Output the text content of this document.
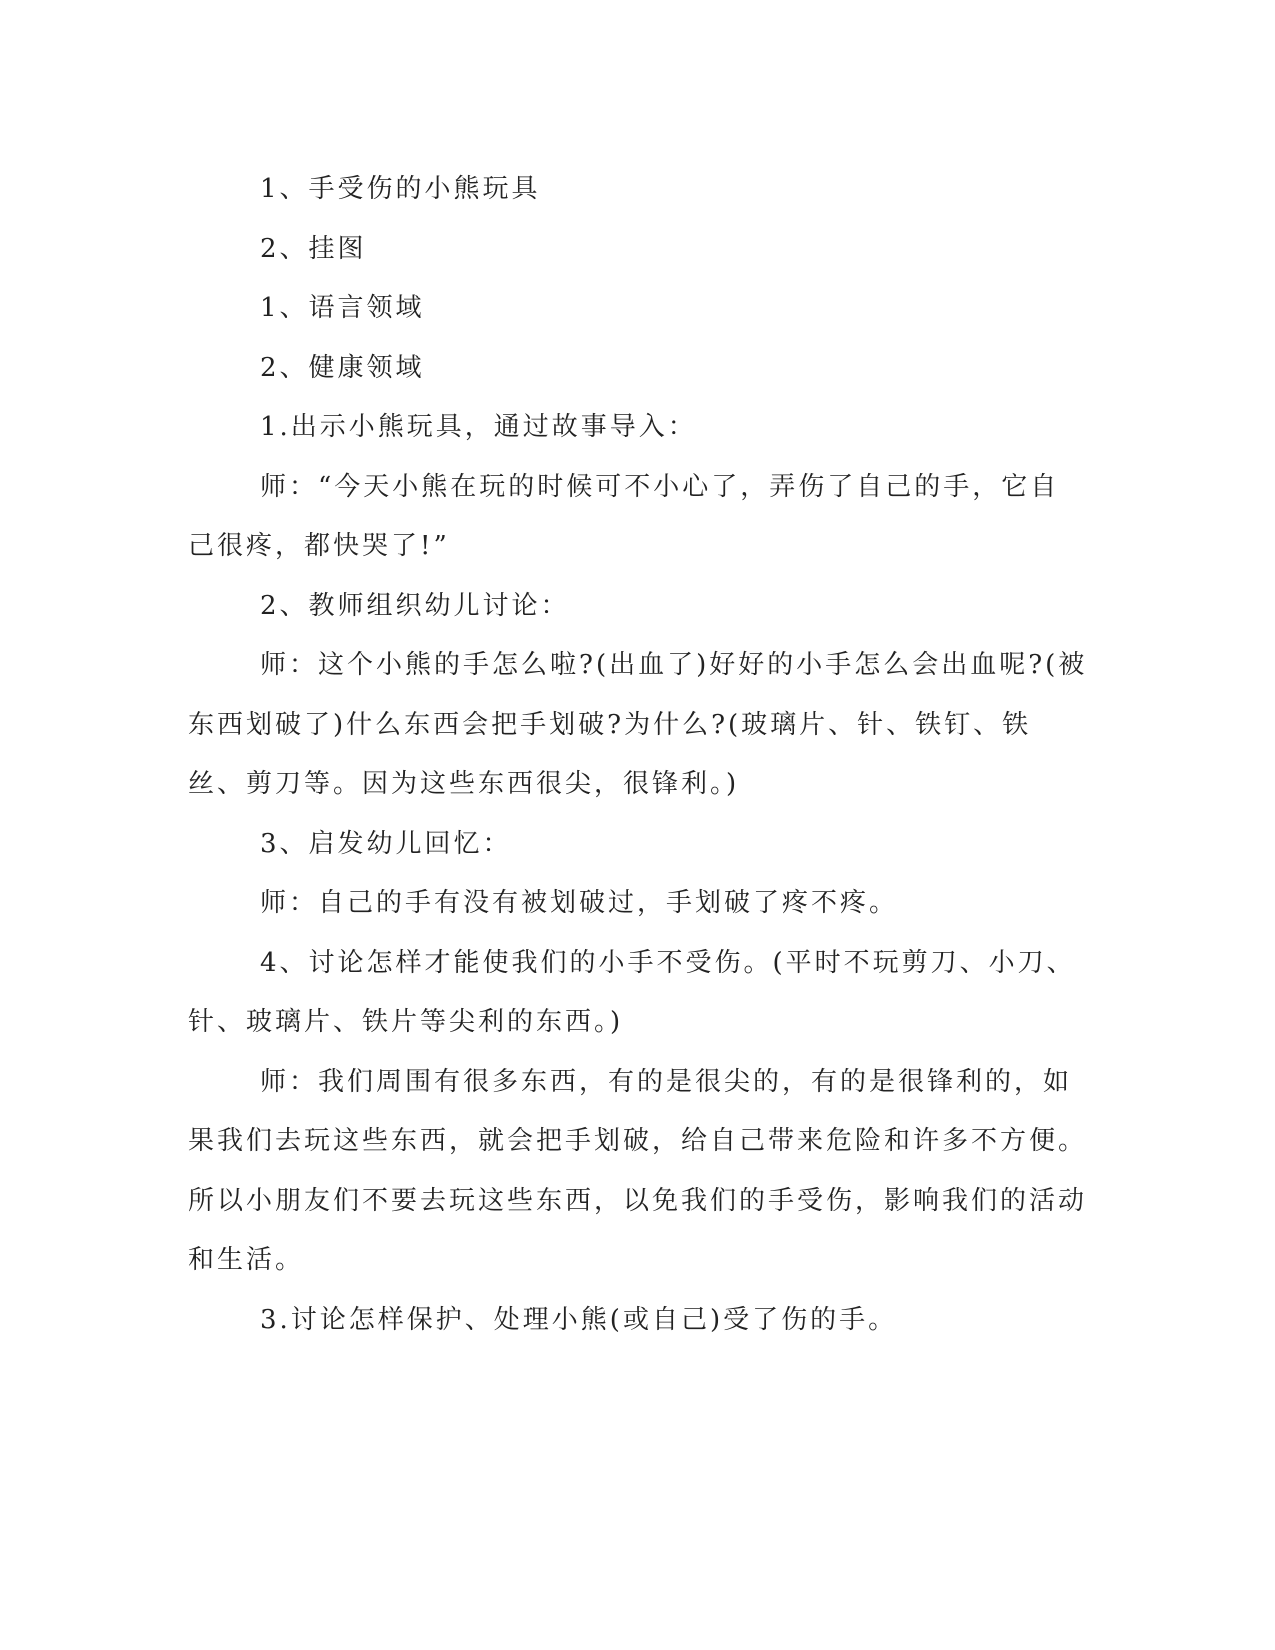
1、手受伤的小熊玩具

2、挂图

1、语言领域

2、健康领域

1.出示小熊玩具，通过故事导入：

师：“今天小熊在玩的时候可不小心了，弄伤了自己的手，它自己很疼，都快哭了!”

2、教师组织幼儿讨论：

师：这个小熊的手怎么啦?(出血了)好好的小手怎么会出血呢?(被东西划破了)什么东西会把手划破?为什么?(玻璃片、针、铁钉、铁丝、剪刀等。因为这些东西很尖，很锋利。)

3、启发幼儿回忆：

师：自己的手有没有被划破过，手划破了疼不疼。

4、讨论怎样才能使我们的小手不受伤。(平时不玩剪刀、小刀、针、玻璃片、铁片等尖利的东西。)

师：我们周围有很多东西，有的是很尖的，有的是很锋利的，如果我们去玩这些东西，就会把手划破，给自己带来危险和许多不方便。所以小朋友们不要去玩这些东西，以免我们的手受伤，影响我们的活动和生活。

3.讨论怎样保护、处理小熊(或自己)受了伤的手。
